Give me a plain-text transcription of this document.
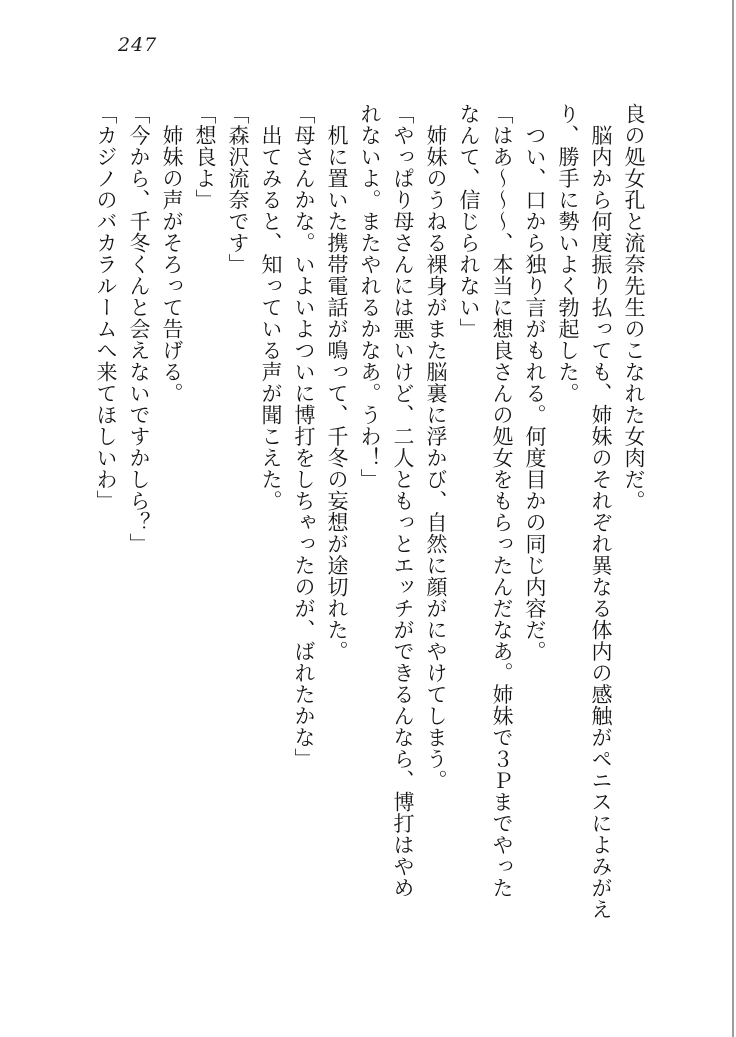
247

良の処女孔と流奈先生のこなれた女肉だ。

　脳内から何度振り払っても、姉妹のそれぞれ異なる体内の感触がペニスによみがえ

り、勝手に勢いよく勃起した。

　つい、口から独り言がもれる。何度目かの同じ内容だ。

「はあ～～～、本当に想良さんの処女をもらったんだなあ。姉妹で３Ｐまでやった

なんて、信じられない」

　姉妹のうねる裸身がまた脳裏に浮かび、自然に顔がにやけてしまう。

「やっぱり母さんには悪いけど、二人ともっとエッチができるんなら、博打はやめ

れないよ。またやれるかなあ。うわ！」

　机に置いた携帯電話が鳴って、千冬の妄想が途切れた。

「母さんかな。いよいよついに博打をしちゃったのが、ばれたかな」

　出てみると、知っている声が聞こえた。

「森沢流奈です」

「想良よ」

　姉妹の声がそろって告げる。

「今から、千冬くんと会えないですかしら？」

「カジノのバカラルームへ来てほしいわ」
